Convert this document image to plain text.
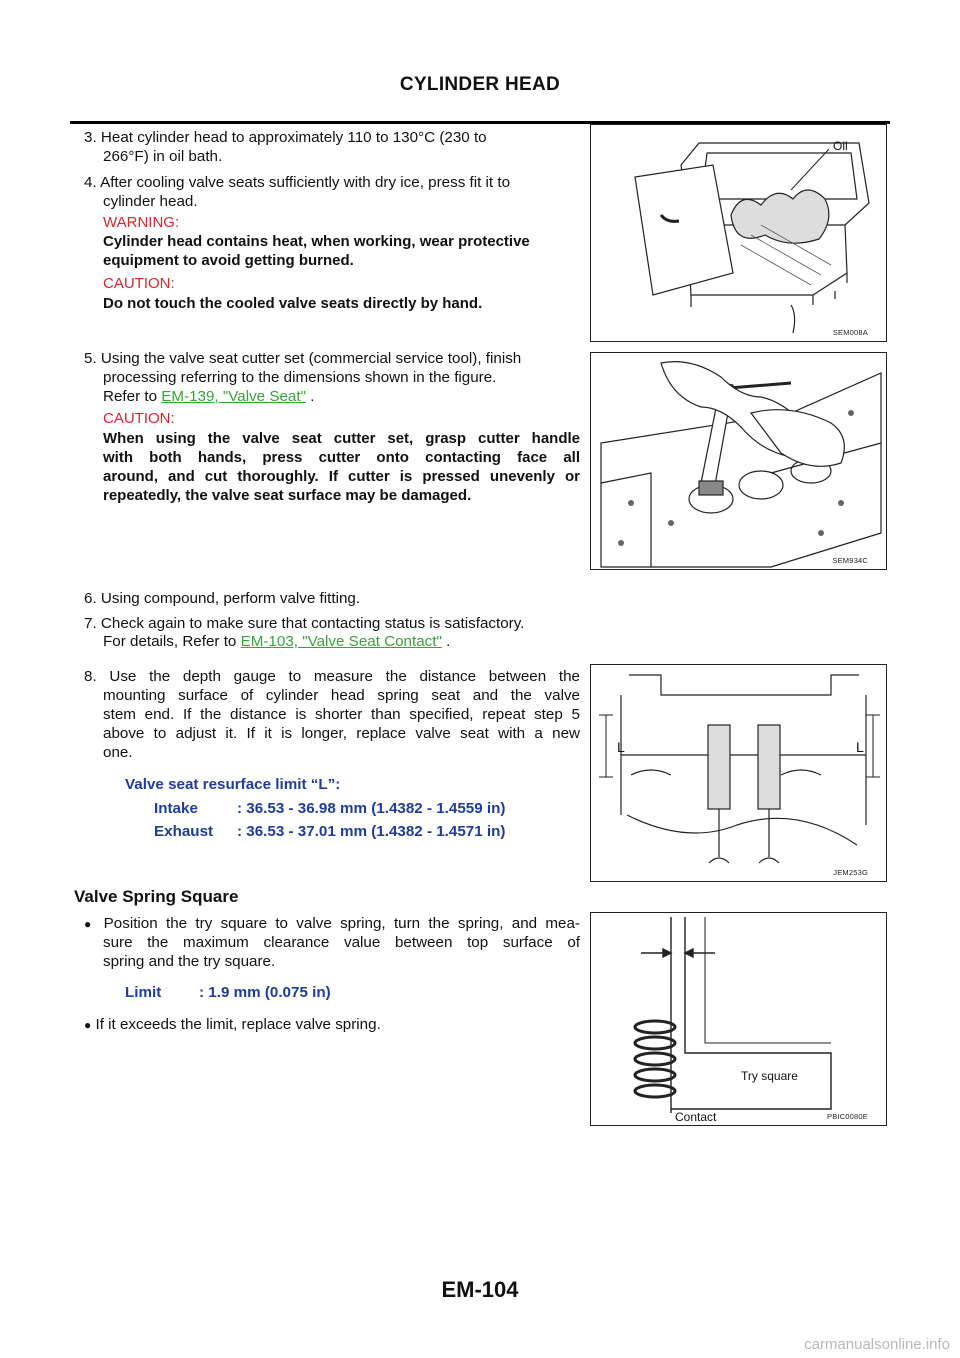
CYLINDER HEAD
3. Heat cylinder head to approximately 110 to 130°C (230 to
266°F) in oil bath.
4. After cooling valve seats sufficiently with dry ice, press fit it to
cylinder head.
WARNING:
Cylinder head contains heat, when working, wear protective
equipment to avoid getting burned.
CAUTION:
Do not touch the cooled valve seats directly by hand.
5. Using the valve seat cutter set (commercial service tool), finish
processing referring to the dimensions shown in the figure.
Refer to EM-139, "Valve Seat" .
CAUTION:
When using the valve seat cutter set, grasp cutter handle
with both hands, press cutter onto contacting face all
around, and cut thoroughly. If cutter is pressed unevenly or
repeatedly, the valve seat surface may be damaged.
6. Using compound, perform valve fitting.
7. Check again to make sure that contacting status is satisfactory.
For details, Refer to EM-103, "Valve Seat Contact" .
8. Use the depth gauge to measure the distance between the
mounting surface of cylinder head spring seat and the valve
stem end. If the distance is shorter than specified, repeat step 5
above to adjust it. If it is longer, replace valve seat with a new
one.
Valve seat resurface limit “L”:
Intake	: 36.53 - 36.98 mm (1.4382 - 1.4559 in)
Exhaust : 36.53 - 37.01 mm (1.4382 - 1.4571 in)
Valve Spring Square
● Position the try square to valve spring, turn the spring, and mea-
sure the maximum clearance value between top surface of
spring and the try square.
Limit : 1.9 mm (0.075 in)
● If it exceeds the limit, replace valve spring.
Oil
SEM008A
SEM934C
L	L
JEM253G
Try square
Contact	PBIC0080E
EM-104
carmanualsonline.info
